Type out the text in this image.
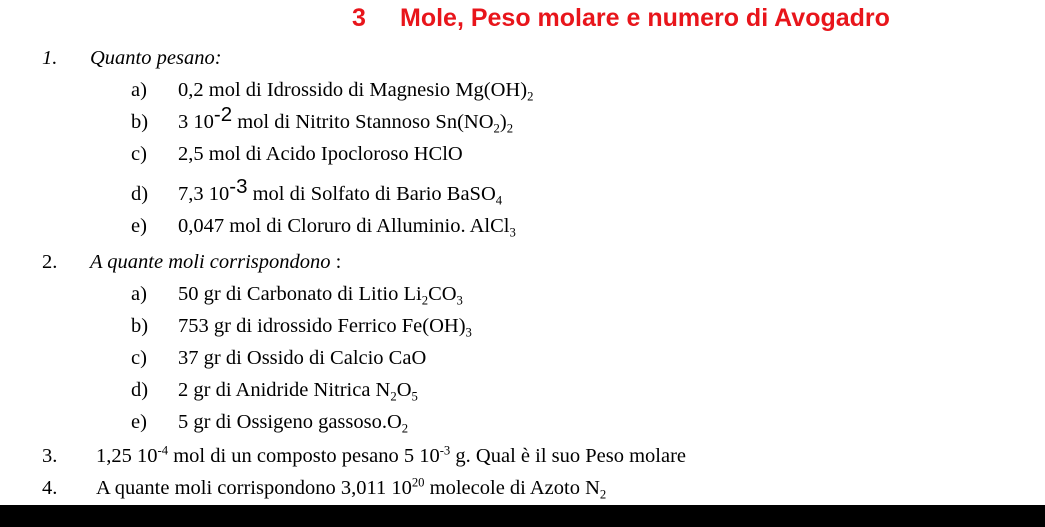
3 Mole, Peso molare e numero di Avogadro
1. Quanto pesano:
a) 0,2 mol di Idrossido di Magnesio $Mg(OH)_2$
b) 3 10-2 mol di Nitrito Stannoso $Sn(NO_2)_2$
c) 2,5 mol di Acido Ipocloroso HClO
d) 7,3 10-3 mol di Solfato di Bario BaSO$_4$
e) 0,047 mol di Cloruro di Alluminio. AlCl$_3$
2. A quante moli corrispondono :
a) 50 gr di Carbonato di Litio $Li_2CO_3$
b) 753 gr di idrossido Ferrico $Fe(OH)_3$
c) 37 gr di Ossido di Calcio CaO
d) 2 gr di Anidride Nitrica $N_2O_5$
e) 5 gr di Ossigeno $gassoso.O_2$
3. 1,25 $10^{-4}$ mol di un composto pesano 5 $10^{-3}$ g. Qual è il suo Peso molare
4. A quante moli corrispondono 3,011 $10^{20}$ molecole di Azoto $N_2$
